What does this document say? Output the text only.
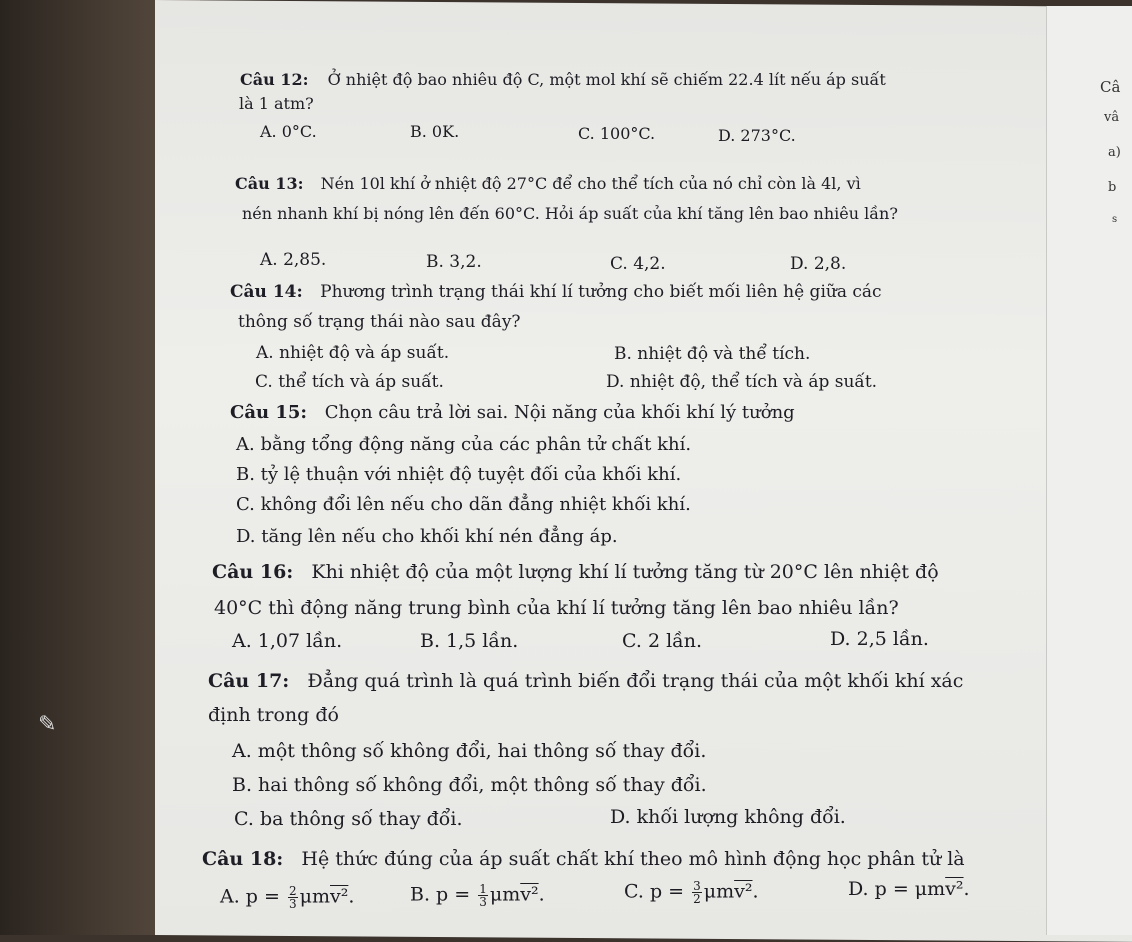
Câ
vâ
a)
b
s
Câu 12: Ở nhiệt độ bao nhiêu độ C, một mol khí sẽ chiếm 22.4 lít nếu áp suất
là 1 atm?
A. 0°C.	B. 0K.	C. 100°C.	D. 273°C.
Câu 13: Nén 10l khí ở nhiệt độ 27°C để cho thể tích của nó chỉ còn là 4l, vì
nén nhanh khí bị nóng lên đến 60°C. Hỏi áp suất của khí tăng lên bao nhiêu lần?
A. 2,85.	B. 3,2.	C. 4,2.	D. 2,8.
Câu 14: Phương trình trạng thái khí lí tưởng cho biết mối liên hệ giữa các
thông số trạng thái nào sau đây?
A. nhiệt độ và áp suất.	B. nhiệt độ và thể tích.
C. thể tích và áp suất.	D. nhiệt độ, thể tích và áp suất.
Câu 15: Chọn câu trả lời sai. Nội năng của khối khí lý tưởng
A. bằng tổng động năng của các phân tử chất khí.
B. tỷ lệ thuận với nhiệt độ tuyệt đối của khối khí.
C. không đổi lên nếu cho dãn đẳng nhiệt khối khí.
D. tăng lên nếu cho khối khí nén đẳng áp.
Câu 16: Khi nhiệt độ của một lượng khí lí tưởng tăng từ 20°C lên nhiệt độ
40°C thì động năng trung bình của khí lí tưởng tăng lên bao nhiêu lần?
A. 1,07 lần.	B. 1,5 lần.	C. 2 lần.	D. 2,5 lần.
Câu 17: Đẳng quá trình là quá trình biến đổi trạng thái của một khối khí xác
định trong đó
A. một thông số không đổi, hai thông số thay đổi.
B. hai thông số không đổi, một thông số thay đổi.
C. ba thông số thay đổi.	D. khối lượng không đổi.
Câu 18: Hệ thức đúng của áp suất chất khí theo mô hình động học phân tử là
A. $p = \frac{2}{3} \mu mv^2$.	B. $p = \frac{1}{3} \mu mv^2$.	C. $p = \frac{3}{2} \mu mv^2$.	D. p = μmv².
✎
